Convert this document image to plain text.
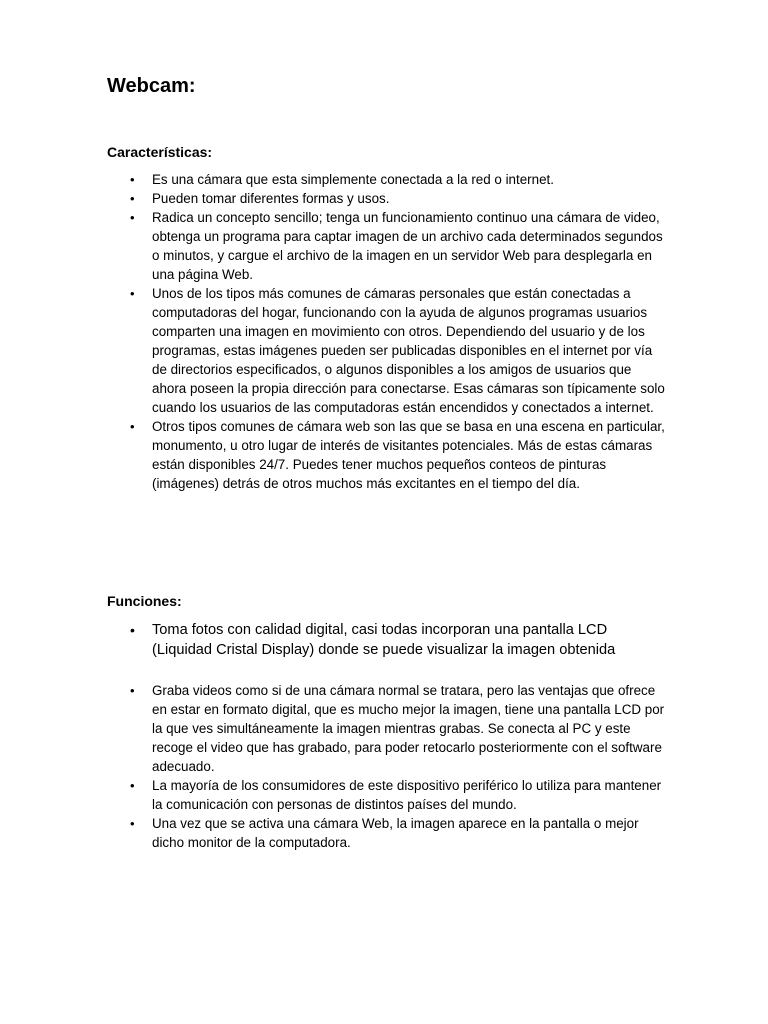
Webcam:
Características:
• Es una cámara que esta simplemente conectada a la red o internet.
• Pueden tomar diferentes formas y usos.
• Radica un concepto sencillo; tenga un funcionamiento continuo una cámara de video, obtenga un programa para captar imagen de un archivo cada determinados segundos o minutos, y cargue el archivo de la imagen en un servidor Web para desplegarla en una página Web.
• Unos de los tipos más comunes de cámaras personales que están conectadas a computadoras del hogar, funcionando con la ayuda de algunos programas usuarios comparten una imagen en movimiento con otros. Dependiendo del usuario y de los programas, estas imágenes pueden ser publicadas disponibles en el internet por vía de directorios especificados, o algunos disponibles a los amigos de usuarios que ahora poseen la propia dirección para conectarse. Esas cámaras son típicamente solo cuando los usuarios de las computadoras están encendidos y conectados a internet.
• Otros tipos comunes de cámara web son las que se basa en una escena en particular, monumento, u otro lugar de interés de visitantes potenciales. Más de estas cámaras están disponibles 24/7. Puedes tener muchos pequeños conteos de pinturas (imágenes) detrás de otros muchos más excitantes en el tiempo del día.
Funciones:
• Toma fotos con calidad digital, casi todas incorporan una pantalla LCD (Liquidad Cristal Display) donde se puede visualizar la imagen obtenida
• Graba videos como si de una cámara normal se tratara, pero las ventajas que ofrece en estar en formato digital, que es mucho mejor la imagen, tiene una pantalla LCD por la que ves simultáneamente la imagen mientras grabas. Se conecta al PC y este recoge el video que has grabado, para poder retocarlo posteriormente con el software adecuado.
• La mayoría de los consumidores de este dispositivo periférico lo utiliza para mantener la comunicación con personas de distintos países del mundo.
• Una vez que se activa una cámara Web, la imagen aparece en la pantalla o mejor dicho monitor de la computadora.
